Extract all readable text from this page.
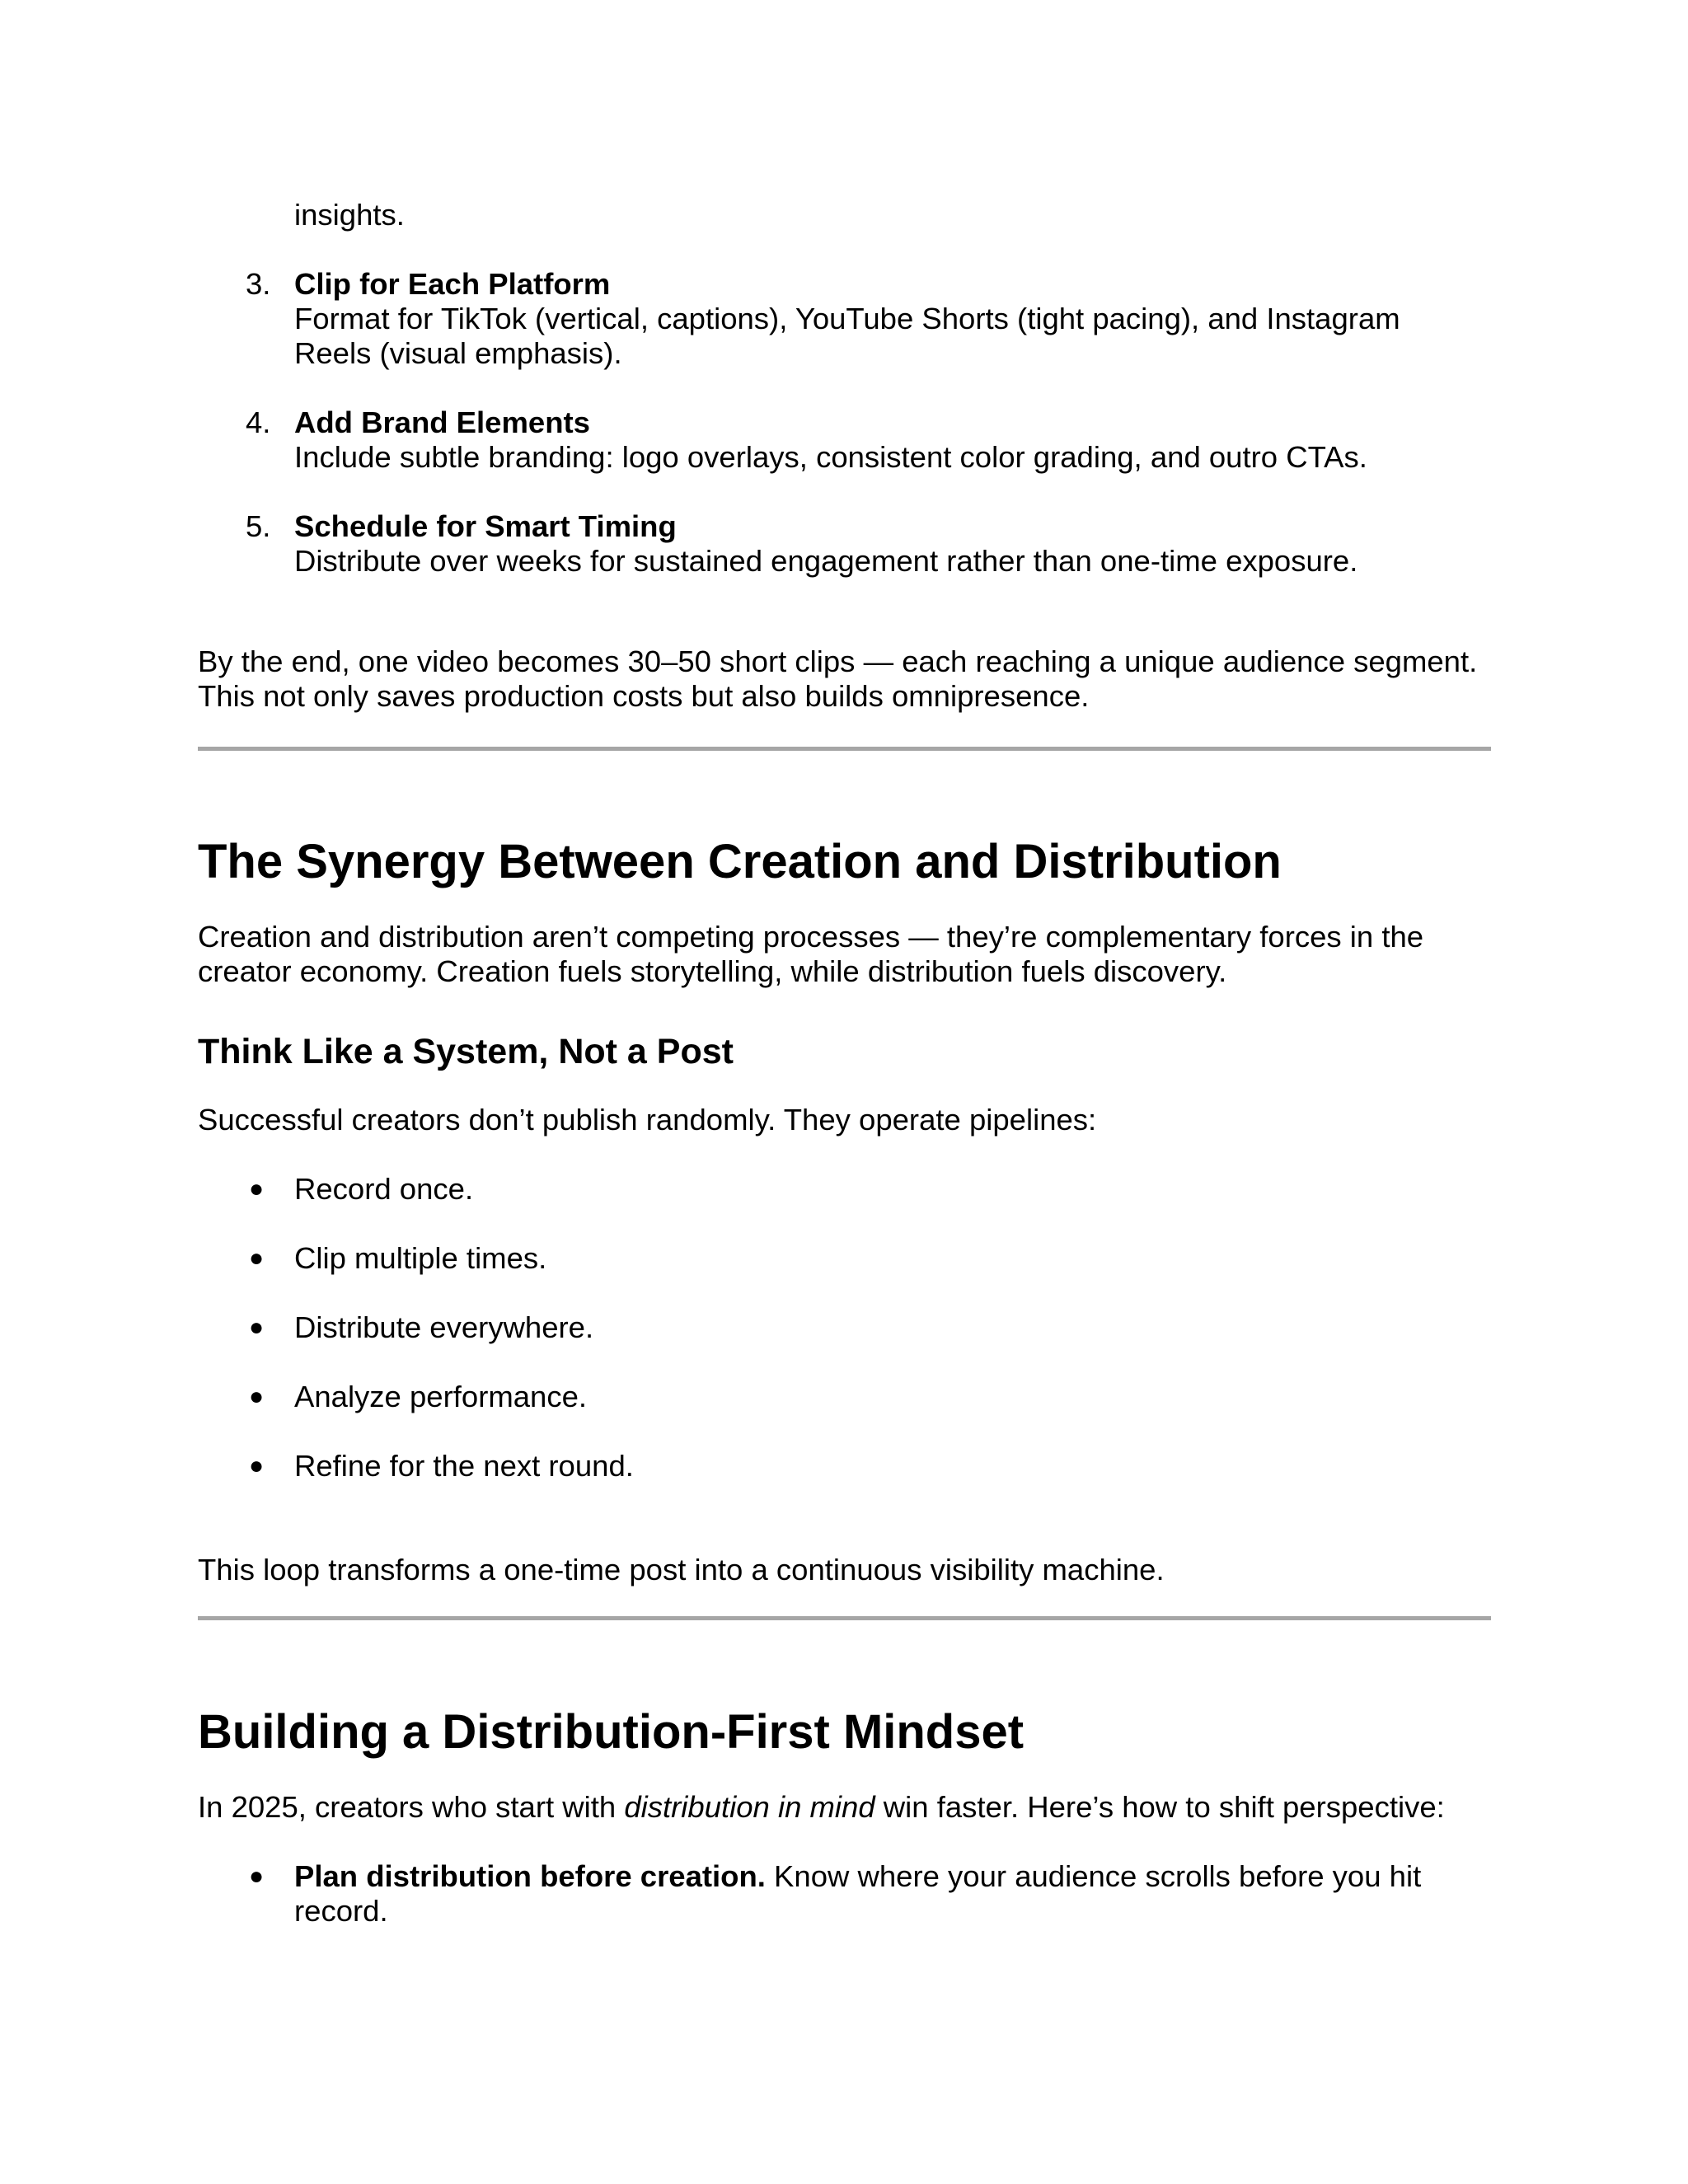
insights.
3. Clip for Each Platform
Format for TikTok (vertical, captions), YouTube Shorts (tight pacing), and Instagram
Reels (visual emphasis).
4. Add Brand Elements
Include subtle branding: logo overlays, consistent color grading, and outro CTAs.
5. Schedule for Smart Timing
Distribute over weeks for sustained engagement rather than one-time exposure.
By the end, one video becomes 30–50 short clips — each reaching a unique audience segment.
This not only saves production costs but also builds omnipresence.
The Synergy Between Creation and Distribution
Creation and distribution aren’t competing processes — they’re complementary forces in the
creator economy. Creation fuels storytelling, while distribution fuels discovery.
Think Like a System, Not a Post
Successful creators don’t publish randomly. They operate pipelines:
● Record once.
● Clip multiple times.
● Distribute everywhere.
● Analyze performance.
● Refine for the next round.
This loop transforms a one-time post into a continuous visibility machine.
Building a Distribution-First Mindset
In 2025, creators who start with distribution in mind win faster. Here’s how to shift perspective:
● Plan distribution before creation. Know where your audience scrolls before you hit
record.
